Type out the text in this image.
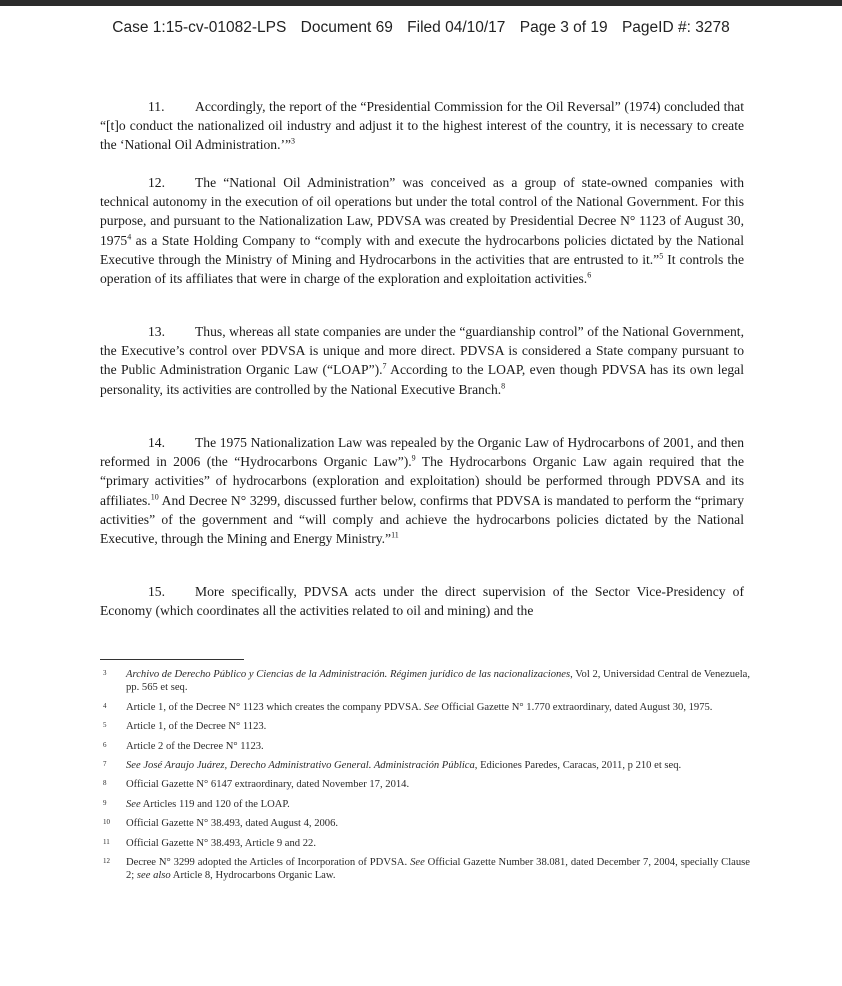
Case 1:15-cv-01082-LPS Document 69 Filed 04/10/17 Page 3 of 19 PageID #: 3278

11. Accordingly, the report of the “Presidential Commission for the Oil Reversal” (1974) concluded that “[t]o conduct the nationalized oil industry and adjust it to the highest interest of the country, it is necessary to create the ‘National Oil Administration.’”$^3$

12. The “National Oil Administration” was conceived as a group of state-owned companies with technical autonomy in the execution of oil operations but under the total control of the National Government. For this purpose, and pursuant to the Nationalization Law, PDVSA was created by Presidential Decree N° 1123 of August 30, 1975$^4$ as a State Holding Company to “comply with and execute the hydrocarbons policies dictated by the National Executive through the Ministry of Mining and Hydrocarbons in the activities that are entrusted to it.”$^5$ It controls the operation of its affiliates that were in charge of the exploration and exploitation activities.$^6$

13. Thus, whereas all state companies are under the “guardianship control” of the National Government, the Executive’s control over PDVSA is unique and more direct. PDVSA is considered a State company pursuant to the Public Administration Organic Law (“LOAP”).$^7$ According to the LOAP, even though PDVSA has its own legal personality, its activities are controlled by the National Executive Branch.$^8$

14. The 1975 Nationalization Law was repealed by the Organic Law of Hydrocarbons of 2001, and then reformed in 2006 (the “Hydrocarbons Organic Law”).$^9$ The Hydrocarbons Organic Law again required that the “primary activities” of hydrocarbons (exploration and exploitation) should be performed through PDVSA and its affiliates.$^{10}$ And Decree N° 3299, discussed further below, confirms that PDVSA is mandated to perform the “primary activities” of the government and “will comply and achieve the hydrocarbons policies dictated by the National Executive, through the Mining and Energy Ministry.”$^{11}$

15. More specifically, PDVSA acts under the direct supervision of the Sector Vice-Presidency of Economy (which coordinates all the activities related to oil and mining) and the

3 Archivo de Derecho Público y Ciencias de la Administración. Régimen jurídico de las nacionalizaciones, Vol 2, Universidad Central de Venezuela, pp. 565 et seq.

4 Article 1, of the Decree N° 1123 which creates the company PDVSA. See Official Gazette N° 1.770 extraordinary, dated August 30, 1975.

5 Article 1, of the Decree N° 1123.

6 Article 2 of the Decree N° 1123.

7 See José Araujo Juárez, Derecho Administrativo General. Administración Pública, Ediciones Paredes, Caracas, 2011, p 210 et seq.

8 Official Gazette N° 6147 extraordinary, dated November 17, 2014.

9 See Articles 119 and 120 of the LOAP.

10 Official Gazette N° 38.493, dated August 4, 2006.

11 Official Gazette N° 38.493, Article 9 and 22.

12 Decree N° 3299 adopted the Articles of Incorporation of PDVSA. See Official Gazette Number 38.081, dated December 7, 2004, specially Clause 2; see also Article 8, Hydrocarbons Organic Law.
